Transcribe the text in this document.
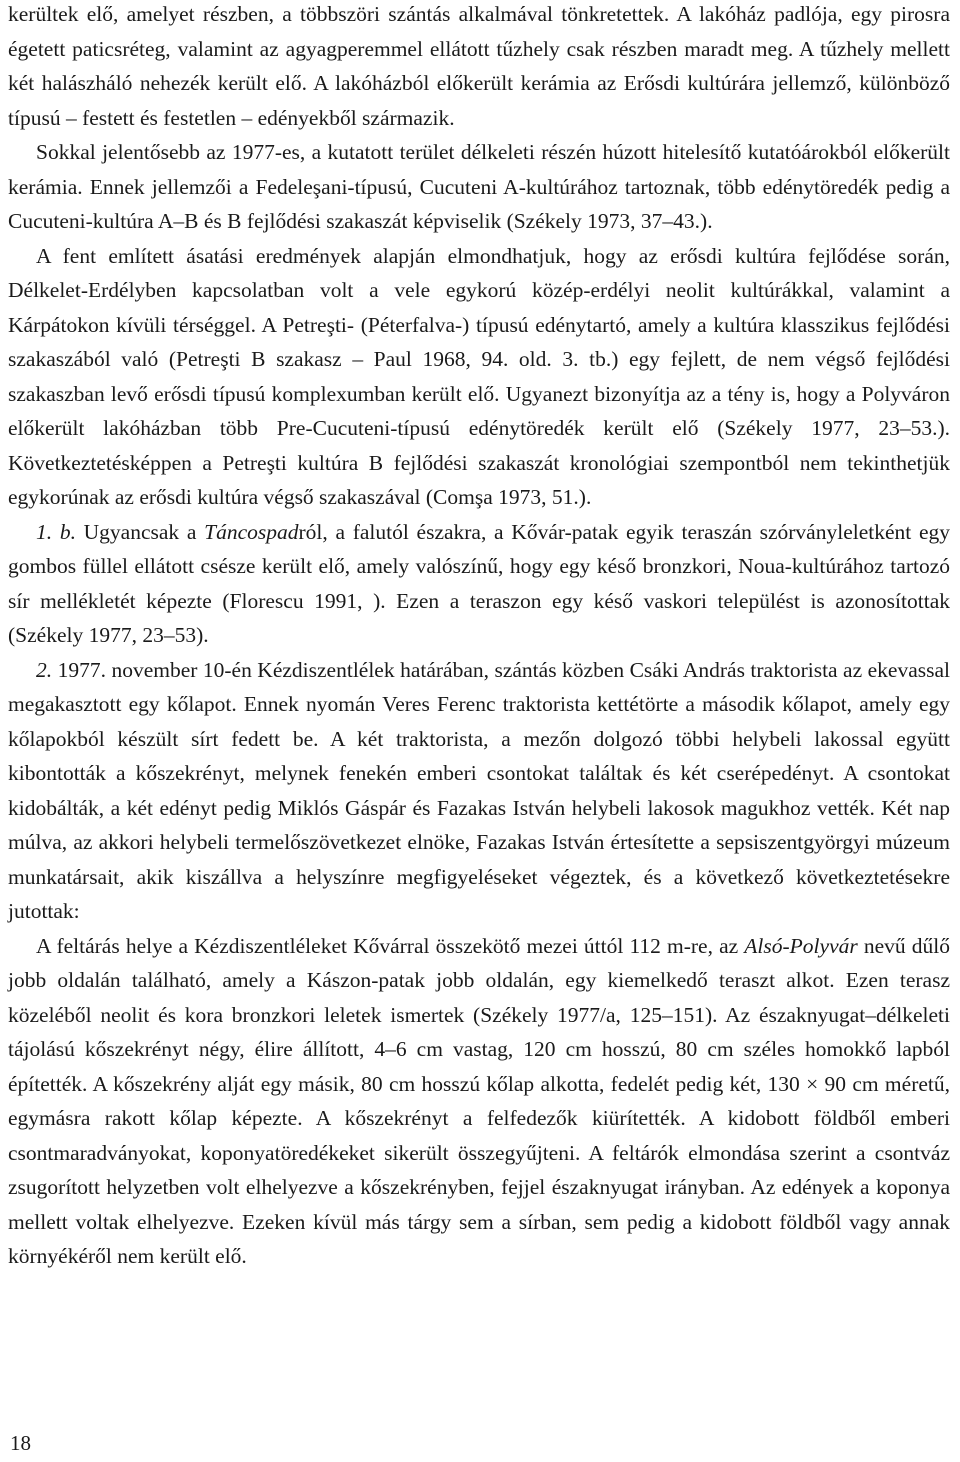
kerültek elő, amelyet részben, a többszöri szántás alkalmával tönkretettek. A lakóház padlója, egy pirosra égetett paticsréteg, valamint az agyagperemmel ellátott tűzhely csak részben maradt meg. A tűzhely mellett két halászháló nehezék került elő. A lakóházból előkerült kerámia az Erősdi kultúrára jellemző, különböző típusú – festett és festetlen – edényekből származik.

Sokkal jelentősebb az 1977-es, a kutatott terület délkeleti részén húzott hitelesítő kutatóárokból előkerült kerámia. Ennek jellemzői a Fedeleşani-típusú, Cucuteni A-kultúrához tartoznak, több edénytöredék pedig a Cucuteni-kultúra A–B és B fejlődési szakaszát képviselik (Székely 1973, 37–43.).

A fent említett ásatási eredmények alapján elmondhatjuk, hogy az erősdi kultúra fejlődése során, Délkelet-Erdélyben kapcsolatban volt a vele egykorú közép-erdélyi neolit kultúrákkal, valamint a Kárpátokon kívüli térséggel. A Petreşti- (Péterfalva-) típusú edénytartó, amely a kultúra klasszikus fejlődési szakaszából való (Petreşti B szakasz – Paul 1968, 94. old. 3. tb.) egy fejlett, de nem végső fejlődési szakaszban levő erősdi típusú komplexumban került elő. Ugyanezt bizonyítja az a tény is, hogy a Polyváron előkerült lakóházban több Pre-Cucuteni-típusú edénytöredék került elő (Székely 1977, 23–53.). Következtetésképpen a Petreşti kultúra B fejlődési szakaszát kronológiai szempontból nem tekinthetjük egykorúnak az erősdi kultúra végső szakaszával (Comşa 1973, 51.).

1. b. Ugyancsak a Táncospadról, a falutól északra, a Kővár-patak egyik teraszán szórványleletként egy gombos füllel ellátott csésze került elő, amely valószínű, hogy egy késő bronzkori, Noua-kultúrához tartozó sír mellékletét képezte (Florescu 1991, ). Ezen a teraszon egy késő vaskori települést is azonosítottak (Székely 1977, 23–53).

2. 1977. november 10-én Kézdiszentlélek határában, szántás közben Csáki András traktorista az ekevassal megakasztott egy kőlapot. Ennek nyomán Veres Ferenc traktorista kettétörte a második kőlapot, amely egy kőlapokból készült sírt fedett be. A két traktorista, a mezőn dolgozó többi helybeli lakossal együtt kibontották a kőszekrényt, melynek fenekén emberi csontokat találtak és két cserépedényt. A csontokat kidobálták, a két edényt pedig Miklós Gáspár és Fazakas István helybeli lakosok magukhoz vették. Két nap múlva, az akkori helybeli termelőszövetkezet elnöke, Fazakas István értesítette a sepsiszentgyörgyi múzeum munkatársait, akik kiszállva a helyszínre megfigyeléseket végeztek, és a következő következtetésekre jutottak:

A feltárás helye a Kézdiszentléleket Kővárral összekötő mezei úttól 112 m-re, az Alsó-Polyvár nevű dűlő jobb oldalán található, amely a Kászon-patak jobb oldalán, egy kiemelkedő teraszt alkot. Ezen terasz közeléből neolit és kora bronzkori leletek ismertek (Székely 1977/a, 125–151). Az északnyugat–délkeleti tájolású kőszekrényt négy, élire állított, 4–6 cm vastag, 120 cm hosszú, 80 cm széles homokkő lapból építették. A kőszekrény alját egy másik, 80 cm hosszú kőlap alkotta, fedelét pedig két, 130 × 90 cm méretű, egymásra rakott kőlap képezte. A kőszekrényt a felfedezők kiürítették. A kidobott földből emberi csontmaradványokat, koponyatöredékeket sikerült összegyűjteni. A feltárók elmondása szerint a csontváz zsugorított helyzetben volt elhelyezve a kőszekrényben, fejjel északnyugat irányban. Az edények a koponya mellett voltak elhelyezve. Ezeken kívül más tárgy sem a sírban, sem pedig a kidobott földből vagy annak környékéről nem került elő.

18
